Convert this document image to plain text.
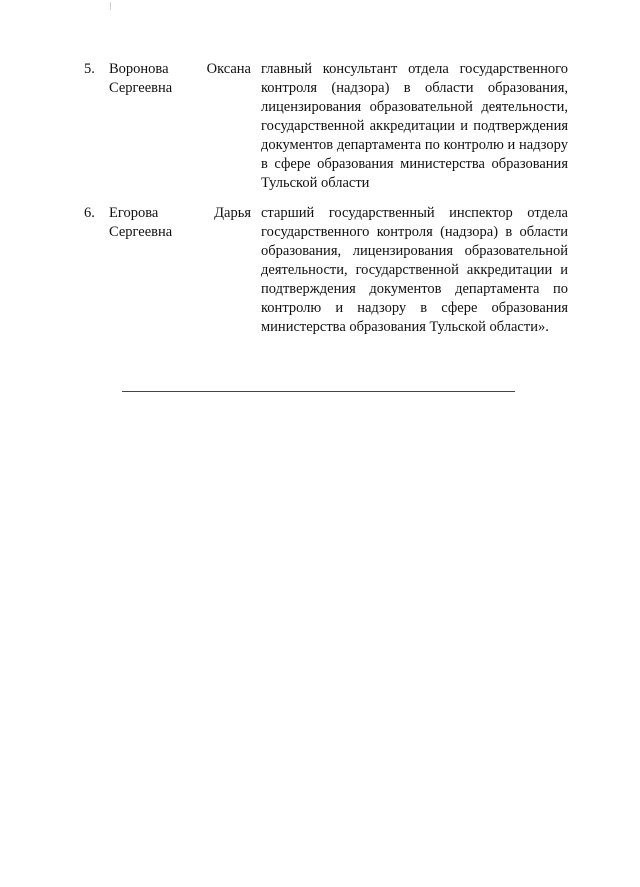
5. Воронова	Оксана
Сергеевна
главный консультант отдела государственного контроля (надзора) в области образования, лицензирования образовательной деятельности, государственной аккредитации и подтверждения документов департамента по контролю и надзору в сфере образования министерства образования Тульской области
6. Егорова	Дарья
Сергеевна
старший государственный инспектор отдела государственного контроля (надзора) в области образования, лицензирования образовательной деятельности, государственной аккредитации и подтверждения документов департамента по контролю и надзору в сфере образования министерства образования Тульской области».
